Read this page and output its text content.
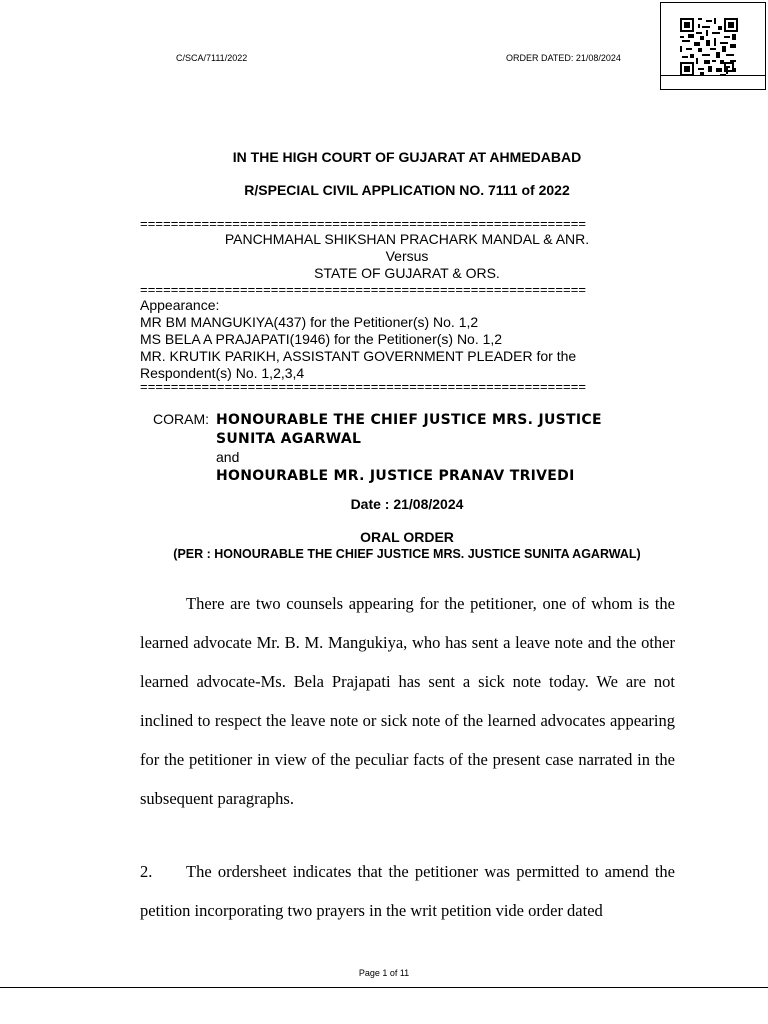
C/SCA/7111/2022	ORDER DATED: 21/08/2024
IN THE HIGH COURT OF GUJARAT AT AHMEDABAD
R/SPECIAL CIVIL APPLICATION NO. 7111 of 2022
==========================================================
PANCHMAHAL SHIKSHAN PRACHARK MANDAL & ANR.
Versus
STATE OF GUJARAT & ORS.
==========================================================
Appearance:
MR BM MANGUKIYA(437) for the Petitioner(s) No. 1,2
MS BELA A PRAJAPATI(1946) for the Petitioner(s) No. 1,2
MR. KRUTIK PARIKH, ASSISTANT GOVERNMENT PLEADER for the
Respondent(s) No. 1,2,3,4
==========================================================
CORAM: HONOURABLE THE CHIEF JUSTICE MRS. JUSTICE
SUNITA AGARWAL
and
HONOURABLE MR. JUSTICE PRANAV TRIVEDI
Date : 21/08/2024
ORAL ORDER
(PER : HONOURABLE THE CHIEF JUSTICE MRS. JUSTICE SUNITA AGARWAL)
There are two counsels appearing for the petitioner, one of whom is the learned advocate Mr. B. M. Mangukiya, who has sent a leave note and the other learned advocate-Ms. Bela Prajapati has sent a sick note today. We are not inclined to respect the leave note or sick note of the learned advocates appearing for the petitioner in view of the peculiar facts of the present case narrated in the subsequent paragraphs.
2. The ordersheet indicates that the petitioner was permitted to amend the petition incorporating two prayers in the writ petition vide order dated
Page 1 of 11
